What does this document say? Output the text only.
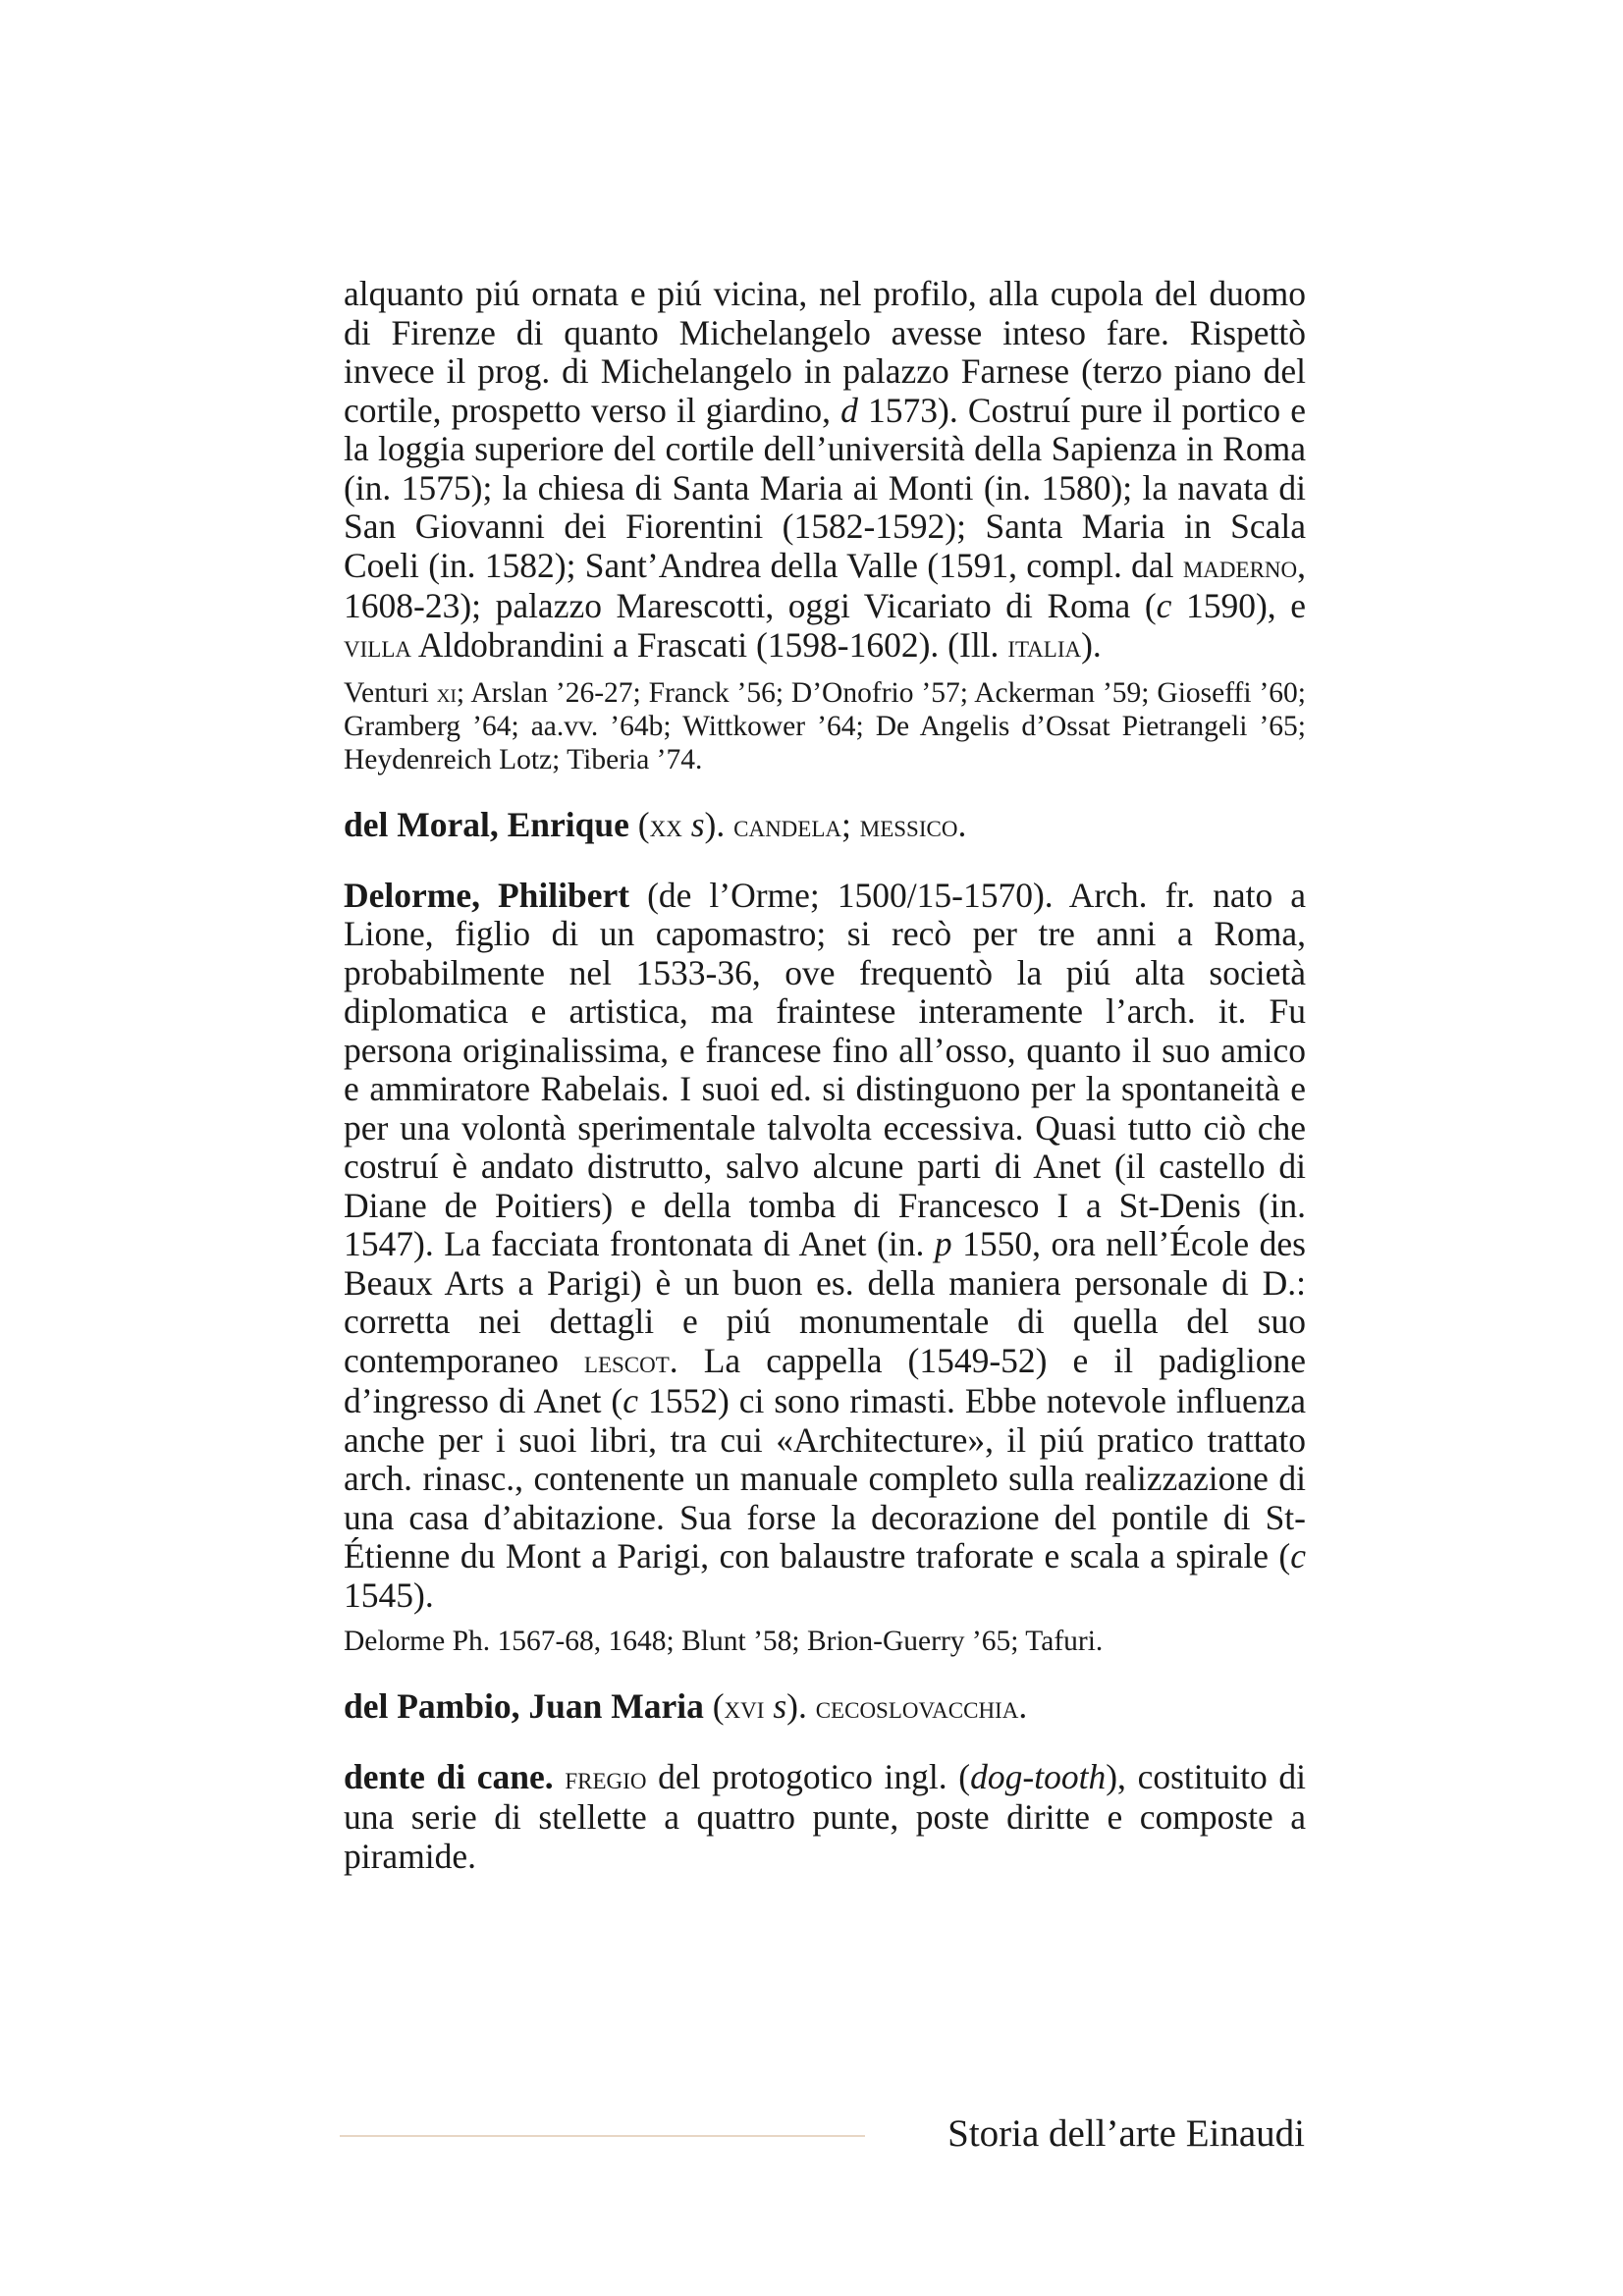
alquanto piú ornata e piú vicina, nel profilo, alla cupola del duomo di Firenze di quanto Michelangelo avesse inteso fare. Rispettò invece il prog. di Michelangelo in palazzo Farnese (terzo piano del cortile, prospetto verso il giardino, d 1573). Costruí pure il portico e la loggia superiore del cortile dell’università della Sapienza in Roma (in. 1575); la chiesa di Santa Maria ai Monti (in. 1580); la navata di San Giovanni dei Fiorentini (1582-1592); Santa Maria in Scala Coeli (in. 1582); Sant’Andrea della Valle (1591, compl. dal maderno, 1608-23); palazzo Marescotti, oggi Vicariato di Roma (c 1590), e villa Aldobrandini a Frascati (1598-1602). (Ill. italia).

Venturi xi; Arslan ’26-27; Franck ’56; D’Onofrio ’57; Ackerman ’59; Gioseffi ’60; Gramberg ’64; aa.vv. ’64b; Wittkower ’64; De Angelis d’Ossat Pietrangeli ’65; Heydenreich Lotz; Tiberia ’74.

del Moral, Enrique (xx s). candela; messico.

Delorme, Philibert (de l’Orme; 1500/15-1570). Arch. fr. nato a Lione, figlio di un capomastro; si recò per tre anni a Roma, probabilmente nel 1533-36, ove frequentò la piú alta società diplomatica e artistica, ma fraintese interamente l’arch. it. Fu persona originalissima, e francese fino all’osso, quanto il suo amico e ammiratore Rabelais. I suoi ed. si distinguono per la spontaneità e per una volontà sperimentale talvolta eccessiva. Quasi tutto ciò che costruí è andato distrutto, salvo alcune parti di Anet (il castello di Diane de Poitiers) e della tomba di Francesco I a St-Denis (in. 1547). La facciata frontonata di Anet (in. p 1550, ora nell’École des Beaux Arts a Parigi) è un buon es. della maniera personale di D.: corretta nei dettagli e piú monumentale di quella del suo contemporaneo lescot. La cappella (1549-52) e il padiglione d’ingresso di Anet (c 1552) ci sono rimasti. Ebbe notevole influenza anche per i suoi libri, tra cui «Architecture», il piú pratico trattato arch. rinasc., contenente un manuale completo sulla realizzazione di una casa d’abitazione. Sua forse la decorazione del pontile di St-Étienne du Mont a Parigi, con balaustre traforate e scala a spirale (c 1545).

Delorme Ph. 1567-68, 1648; Blunt ’58; Brion-Guerry ’65; Tafuri.

del Pambio, Juan Maria (xvi s). cecoslovacchia.

dente di cane. fregio del protogotico ingl. (dog-tooth), costituito di una serie di stellette a quattro punte, poste diritte e composte a piramide.

Storia dell’arte Einaudi
